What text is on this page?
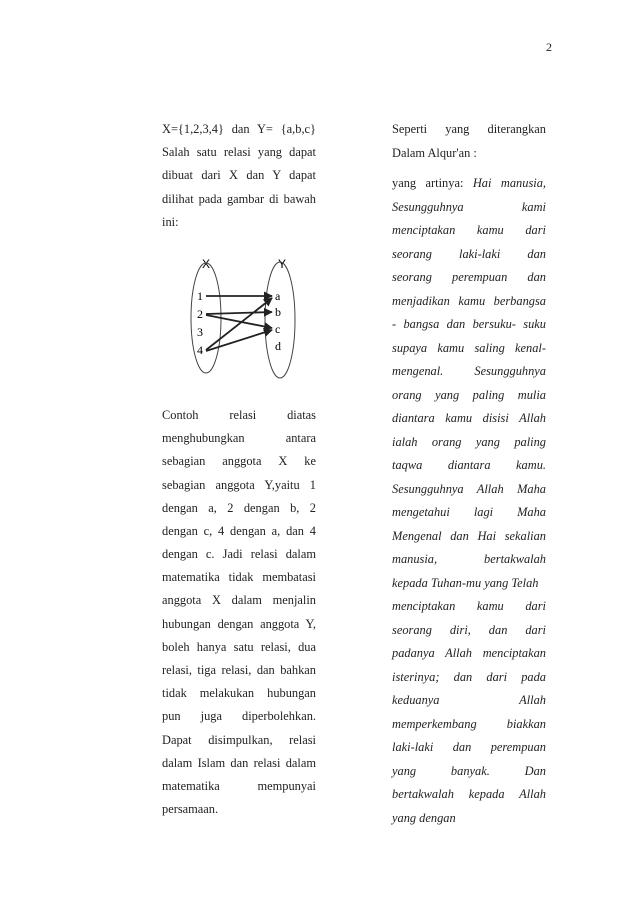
2
X={1,2,3,4} dan Y= {a,b,c}
Salah satu relasi yang dapat
dibuat dari X dan Y dapat
dilihat pada gambar di bawah
ini:
X	Y
1
2
3
4
a
b
c
d
Contoh relasi diatas
menghubungkan antara
sebagian anggota X ke
sebagian anggota Y,yaitu 1
dengan a, 2 dengan b, 2
dengan c, 4 dengan a, dan 4
dengan c. Jadi relasi dalam
matematika tidak membatasi
anggota X dalam menjalin
hubungan dengan anggota Y,
boleh hanya satu relasi, dua
relasi, tiga relasi, dan bahkan
tidak melakukan hubungan
pun juga diperbolehkan.
Dapat disimpulkan, relasi
dalam Islam dan relasi dalam
matematika mempunyai
persamaan.
Seperti yang diterangkan
Dalam Alqur'an :
yang artinya: Hai manusia,
Sesungguhnya kami
menciptakan kamu dari
seorang laki-laki dan
seorang perempuan dan
menjadikan kamu berbangsa
- bangsa dan bersuku- suku
supaya kamu saling kenal-
mengenal. Sesungguhnya
orang yang paling mulia
diantara kamu disisi Allah
ialah orang yang paling
taqwa diantara kamu.
Sesungguhnya Allah Maha
mengetahui lagi Maha
Mengenal dan Hai sekalian
manusia, bertakwalah
kepada Tuhan-mu yang Telah
menciptakan kamu dari
seorang diri, dan dari
padanya Allah menciptakan
isterinya; dan dari pada
keduanya Allah
memperkembang biakkan
laki-laki dan perempuan
yang banyak. Dan
bertakwalah kepada Allah
yang dengan
